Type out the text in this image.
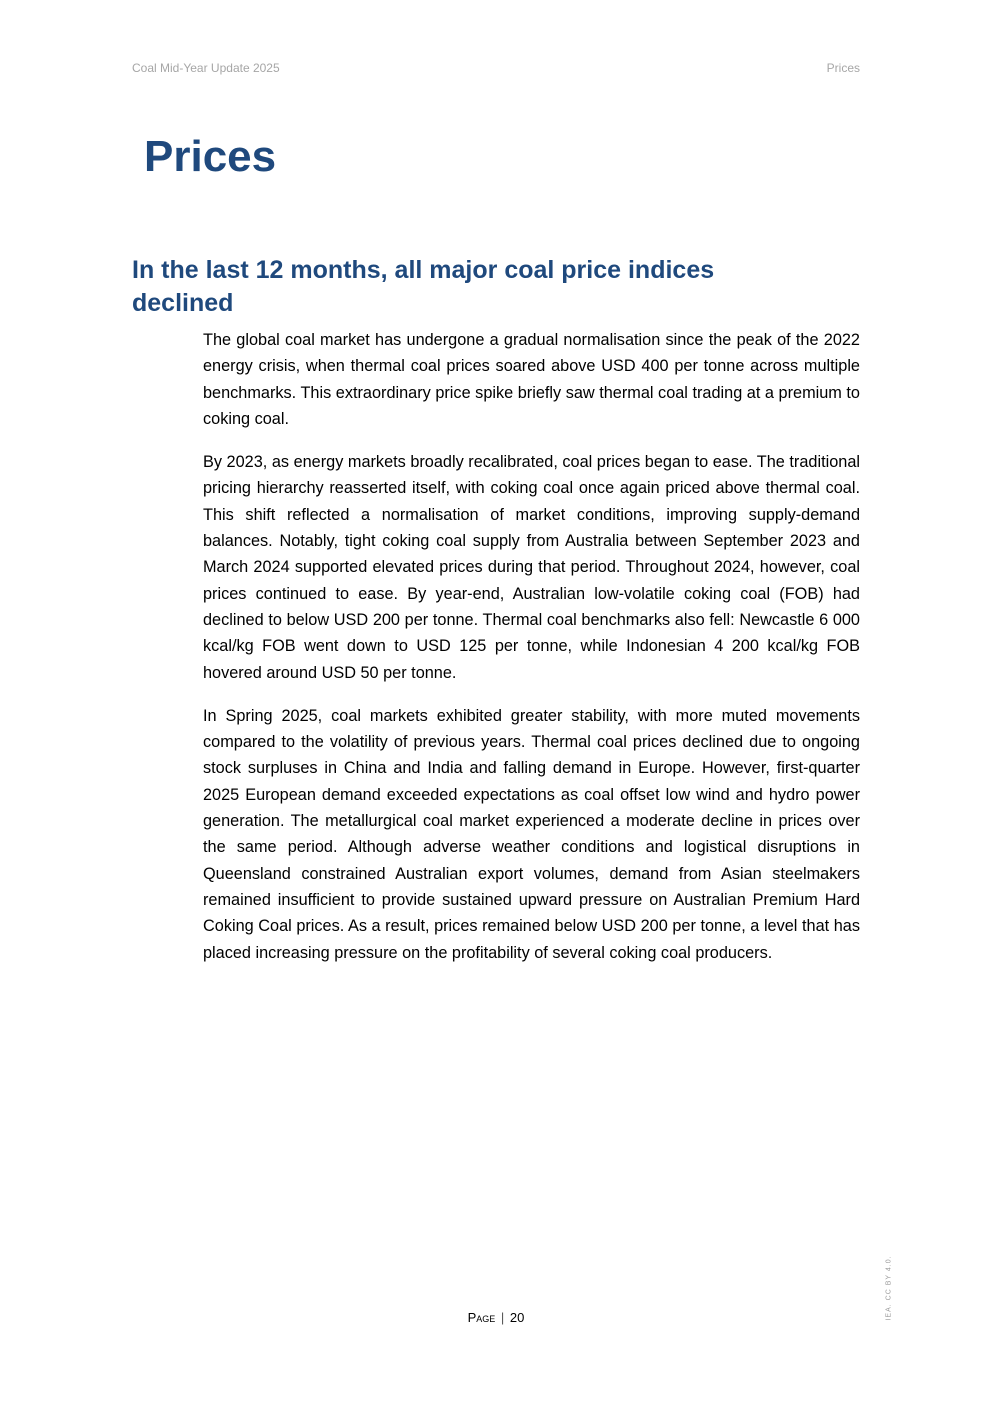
Coal Mid-Year Update 2025	Prices
Prices
In the last 12 months, all major coal price indices declined

The global coal market has undergone a gradual normalisation since the peak of the 2022 energy crisis, when thermal coal prices soared above USD 400 per tonne across multiple benchmarks. This extraordinary price spike briefly saw thermal coal trading at a premium to coking coal.

By 2023, as energy markets broadly recalibrated, coal prices began to ease. The traditional pricing hierarchy reasserted itself, with coking coal once again priced above thermal coal. This shift reflected a normalisation of market conditions, improving supply-demand balances. Notably, tight coking coal supply from Australia between September 2023 and March 2024 supported elevated prices during that period. Throughout 2024, however, coal prices continued to ease. By year-end, Australian low-volatile coking coal (FOB) had declined to below USD 200 per tonne. Thermal coal benchmarks also fell: Newcastle 6 000 kcal/kg FOB went down to USD 125 per tonne, while Indonesian 4 200 kcal/kg FOB hovered around USD 50 per tonne.

In Spring 2025, coal markets exhibited greater stability, with more muted movements compared to the volatility of previous years. Thermal coal prices declined due to ongoing stock surpluses in China and India and falling demand in Europe. However, first-quarter 2025 European demand exceeded expectations as coal offset low wind and hydro power generation. The metallurgical coal market experienced a moderate decline in prices over the same period. Although adverse weather conditions and logistical disruptions in Queensland constrained Australian export volumes, demand from Asian steelmakers remained insufficient to provide sustained upward pressure on Australian Premium Hard Coking Coal prices. As a result, prices remained below USD 200 per tonne, a level that has placed increasing pressure on the profitability of several coking coal producers.

IEA. CC BY 4.0.
Page | 20
